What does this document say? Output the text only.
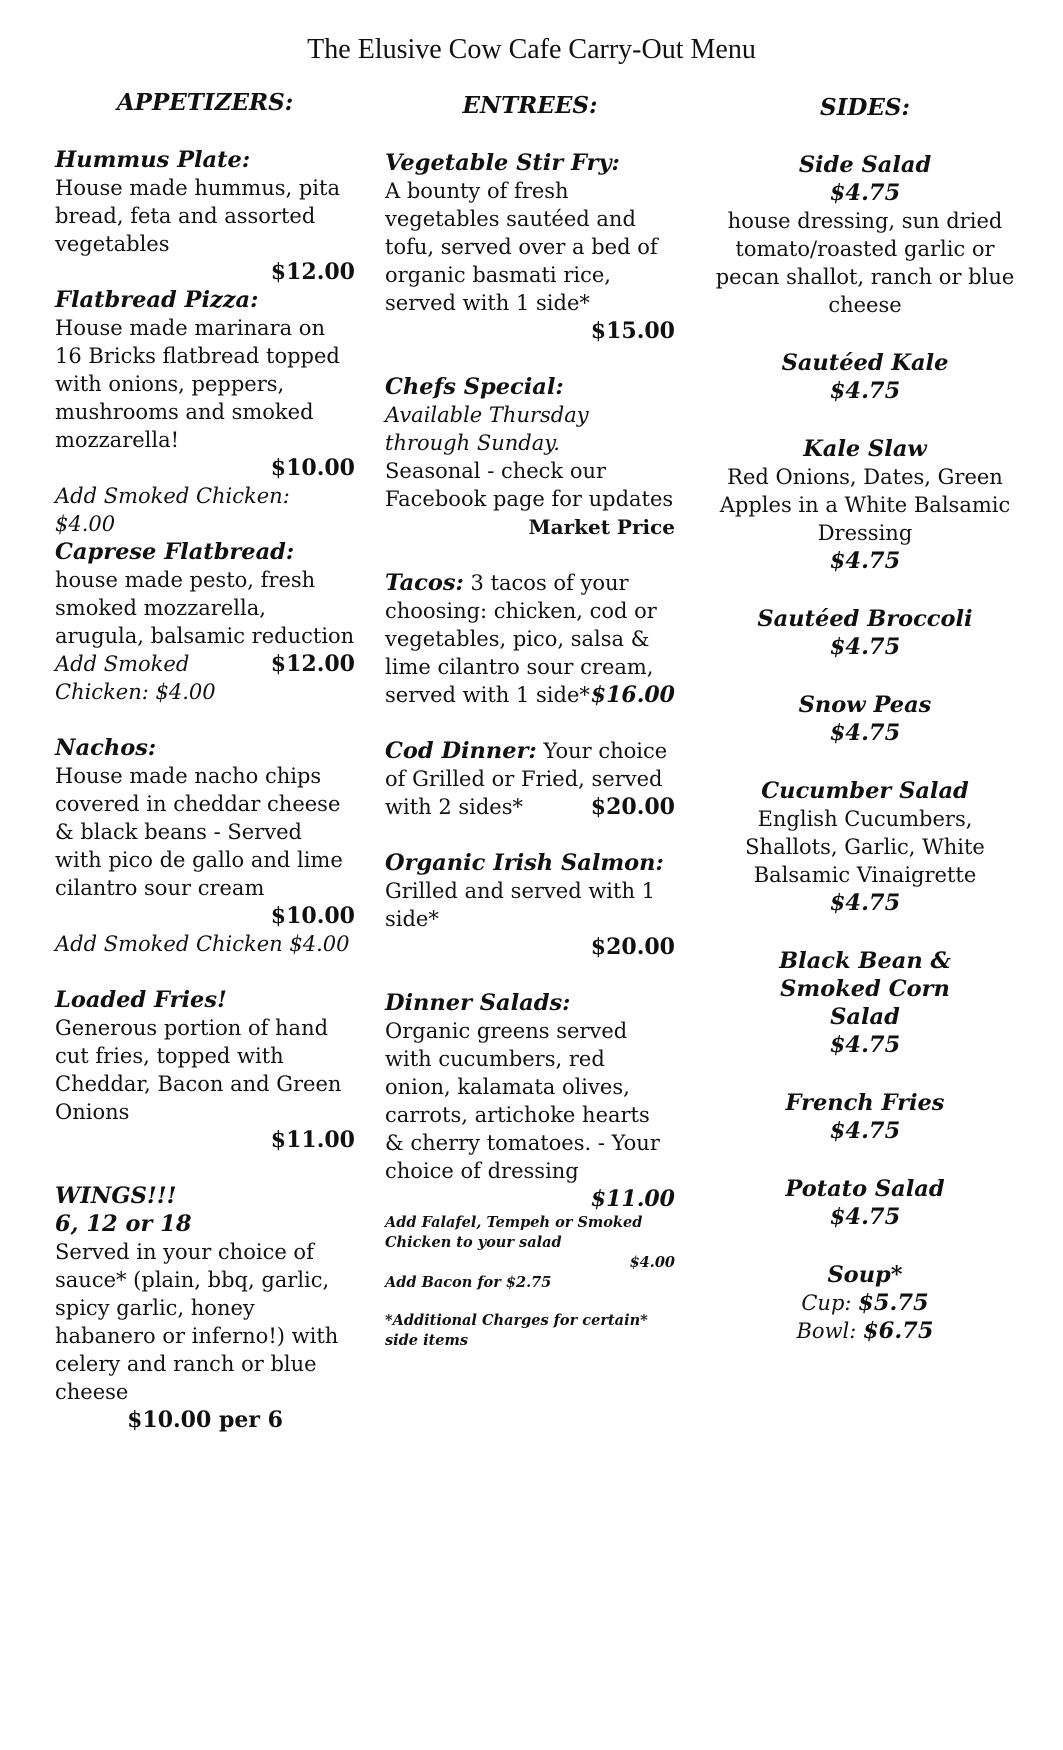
The Elusive Cow Cafe Carry-Out Menu
APPETIZERS:
Hummus Plate:
House made hummus, pita bread, feta and assorted vegetables
$12.00
Flatbread Pizza:
House made marinara on 16 Bricks flatbread topped with onions, peppers, mushrooms and smoked mozzarella!
$10.00
Add Smoked Chicken: $4.00
Caprese Flatbread:
house made pesto, fresh smoked mozzarella, arugula, balsamic reduction
$12.00
Add Smoked Chicken: $4.00
Nachos:
House made nacho chips covered in cheddar cheese & black beans - Served with pico de gallo and lime cilantro sour cream
$10.00
Add Smoked Chicken $4.00
Loaded Fries!
Generous portion of hand cut fries, topped with Cheddar, Bacon and Green Onions
$11.00
WINGS!!!
6, 12 or 18
Served in your choice of sauce* (plain, bbq, garlic, spicy garlic, honey habanero or inferno!) with celery and ranch or blue cheese
$10.00 per 6
ENTREES:
Vegetable Stir Fry:
A bounty of fresh vegetables sautéed and tofu, served over a bed of organic basmati rice, served with 1 side*
$15.00
Chefs Special:
Available Thursday through Sunday.
Seasonal - check our Facebook page for updates
Market Price
Tacos: 3 tacos of your choosing: chicken, cod or vegetables, pico, salsa & lime cilantro sour cream, served with 1 side* $16.00
Cod Dinner: Your choice of Grilled or Fried, served with 2 sides*	$20.00
Organic Irish Salmon: Grilled and served with 1 side*
$20.00
Dinner Salads:
Organic greens served with cucumbers, red onion, kalamata olives, carrots, artichoke hearts & cherry tomatoes. - Your choice of dressing
$11.00
Add Falafel, Tempeh or Smoked Chicken to your salad
$4.00
Add Bacon for $2.75
*Additional Charges for certain* side items
SIDES:
Side Salad
$4.75
house dressing, sun dried tomato/roasted garlic or pecan shallot, ranch or blue cheese
Sautéed Kale
$4.75
Kale Slaw
Red Onions, Dates, Green Apples in a White Balsamic Dressing
$4.75
Sautéed Broccoli
$4.75
Snow Peas
$4.75
Cucumber Salad
English Cucumbers, Shallots, Garlic, White Balsamic Vinaigrette
$4.75
Black Bean & Smoked Corn Salad
$4.75
French Fries
$4.75
Potato Salad
$4.75
Soup*
Cup: $5.75
Bowl: $6.75
